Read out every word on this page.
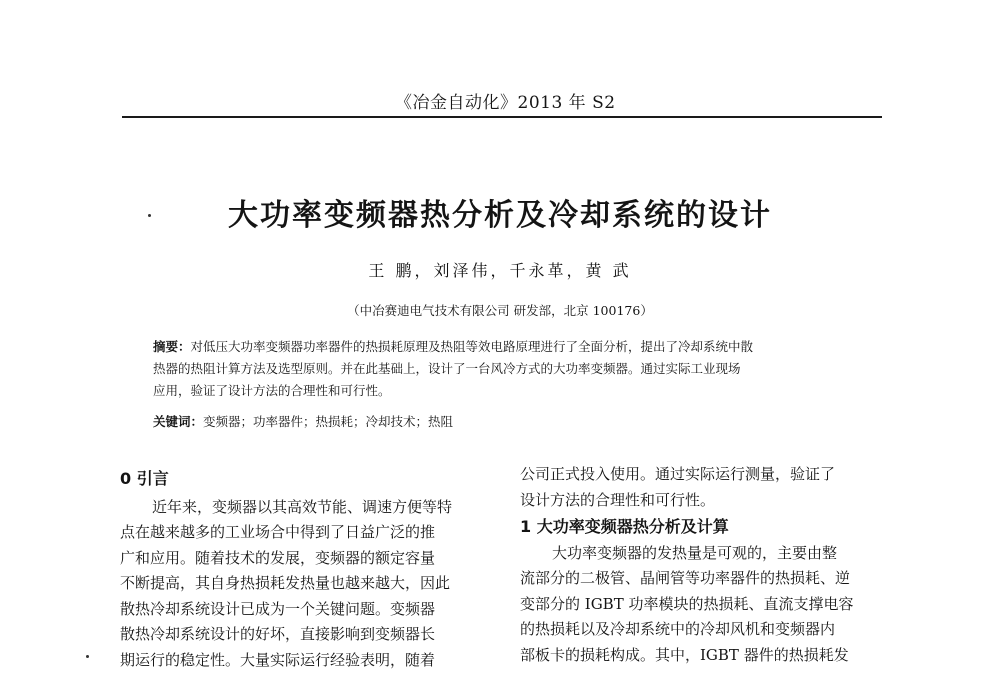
《冶金自动化》2013 年 S2
大功率变频器热分析及冷却系统的设计
王 鹏，刘泽伟，千永革，黄 武
（中冶赛迪电气技术有限公司 研发部，北京 100176）
摘要：对低压大功率变频器功率器件的热损耗原理及热阻等效电路原理进行了全面分析，提出了冷却系统中散
热器的热阻计算方法及选型原则。并在此基础上，设计了一台风冷方式的大功率变频器。通过实际工业现场
应用，验证了设计方法的合理性和可行性。
关键词：变频器；功率器件；热损耗；冷却技术；热阻
0 引言
近年来，变频器以其高效节能、调速方便等特
点在越来越多的工业场合中得到了日益广泛的推
广和应用。随着技术的发展，变频器的额定容量
不断提高，其自身热损耗发热量也越来越大，因此
散热冷却系统设计已成为一个关键问题。变频器
散热冷却系统设计的好坏，直接影响到变频器长
期运行的稳定性。大量实际运行经验表明，随着
公司正式投入使用。通过实际运行测量，验证了
设计方法的合理性和可行性。
1 大功率变频器热分析及计算
大功率变频器的发热量是可观的，主要由整
流部分的二极管、晶闸管等功率器件的热损耗、逆
变部分的 IGBT 功率模块的热损耗、直流支撑电容
的热损耗以及冷却系统中的冷却风机和变频器内
部板卡的损耗构成。其中，IGBT 器件的热损耗发
